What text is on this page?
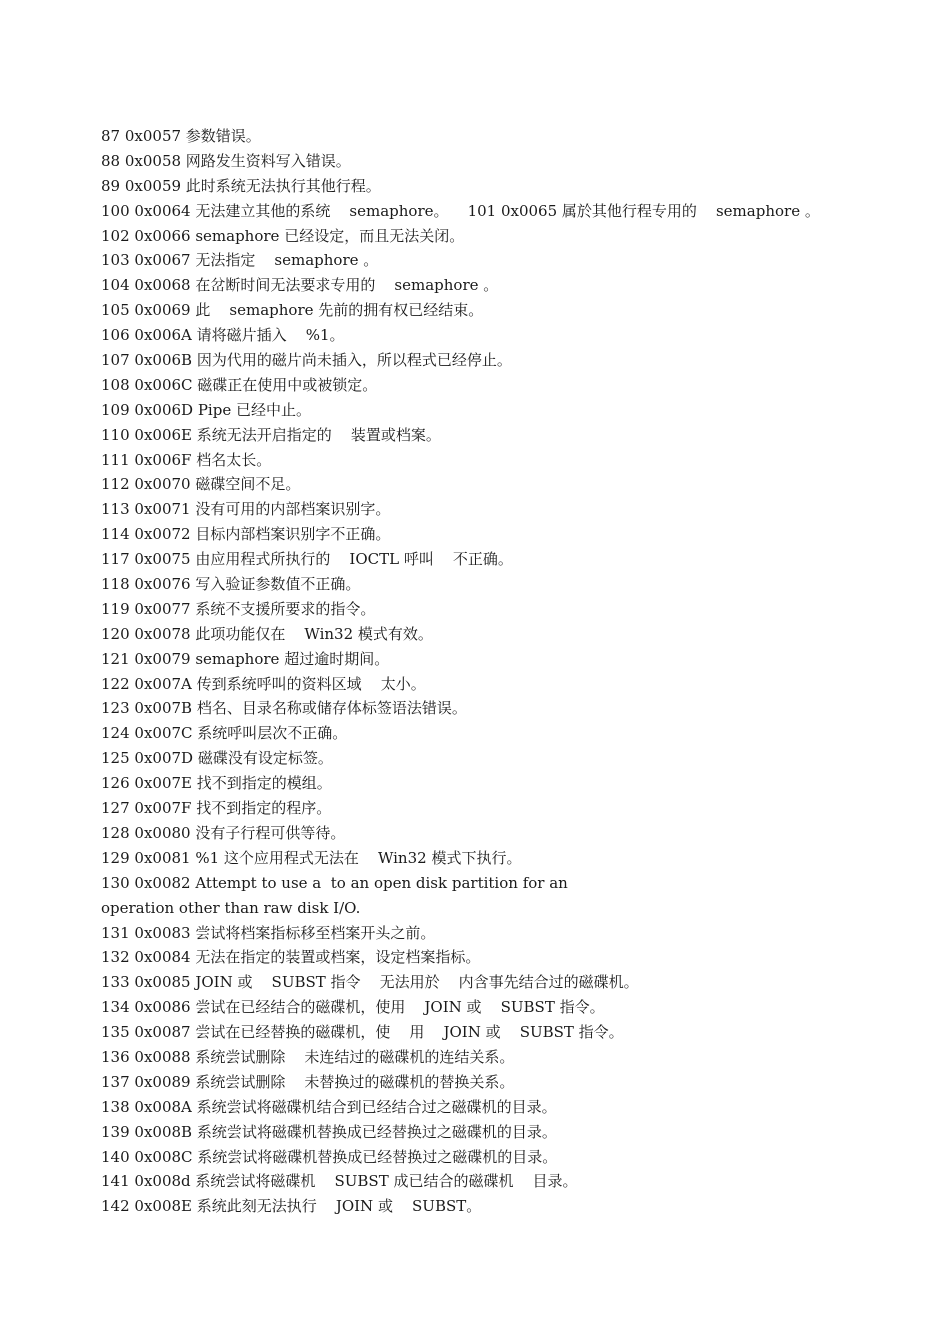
87 0x0057 参数错误。
88 0x0058 网路发生资料写入错误。
89 0x0059 此时系统无法执行其他行程。
100 0x0064 无法建立其他的系统    semaphore。    101 0x0065 属於其他行程专用的    semaphore 。
102 0x0066 semaphore 已经设定，而且无法关闭。
103 0x0067 无法指定    semaphore 。
104 0x0068 在岔断时间无法要求专用的    semaphore 。
105 0x0069 此    semaphore 先前的拥有权已经结束。
106 0x006A 请将磁片插入    %1。
107 0x006B 因为代用的磁片尚未插入，所以程式已经停止。
108 0x006C 磁碟正在使用中或被锁定。
109 0x006D Pipe 已经中止。
110 0x006E 系统无法开启指定的    装置或档案。
111 0x006F 档名太长。
112 0x0070 磁碟空间不足。
113 0x0071 没有可用的内部档案识别字。
114 0x0072 目标内部档案识别字不正确。
117 0x0075 由应用程式所执行的    IOCTL 呼叫    不正确。
118 0x0076 写入验证参数值不正确。
119 0x0077 系统不支援所要求的指令。
120 0x0078 此项功能仅在    Win32 模式有效。
121 0x0079 semaphore 超过逾时期间。
122 0x007A 传到系统呼叫的资料区域    太小。
123 0x007B 档名、目录名称或储存体标签语法错误。
124 0x007C 系统呼叫层次不正确。
125 0x007D 磁碟没有设定标签。
126 0x007E 找不到指定的模组。
127 0x007F 找不到指定的程序。
128 0x0080 没有子行程可供等待。
129 0x0081 %1 这个应用程式无法在    Win32 模式下执行。
130 0x0082 Attempt to use a  to an open disk partition for an
operation other than raw disk I/O.
131 0x0083 尝试将档案指标移至档案开头之前。
132 0x0084 无法在指定的装置或档案，设定档案指标。
133 0x0085 JOIN 或    SUBST 指令    无法用於    内含事先结合过的磁碟机。
134 0x0086 尝试在已经结合的磁碟机，使用    JOIN 或    SUBST 指令。
135 0x0087 尝试在已经替换的磁碟机，使    用    JOIN 或    SUBST 指令。
136 0x0088 系统尝试删除    未连结过的磁碟机的连结关系。
137 0x0089 系统尝试删除    未替换过的磁碟机的替换关系。
138 0x008A 系统尝试将磁碟机结合到已经结合过之磁碟机的目录。
139 0x008B 系统尝试将磁碟机替换成已经替换过之磁碟机的目录。
140 0x008C 系统尝试将磁碟机替换成已经替换过之磁碟机的目录。
141 0x008d 系统尝试将磁碟机    SUBST 成已结合的磁碟机    目录。
142 0x008E 系统此刻无法执行    JOIN 或    SUBST。
